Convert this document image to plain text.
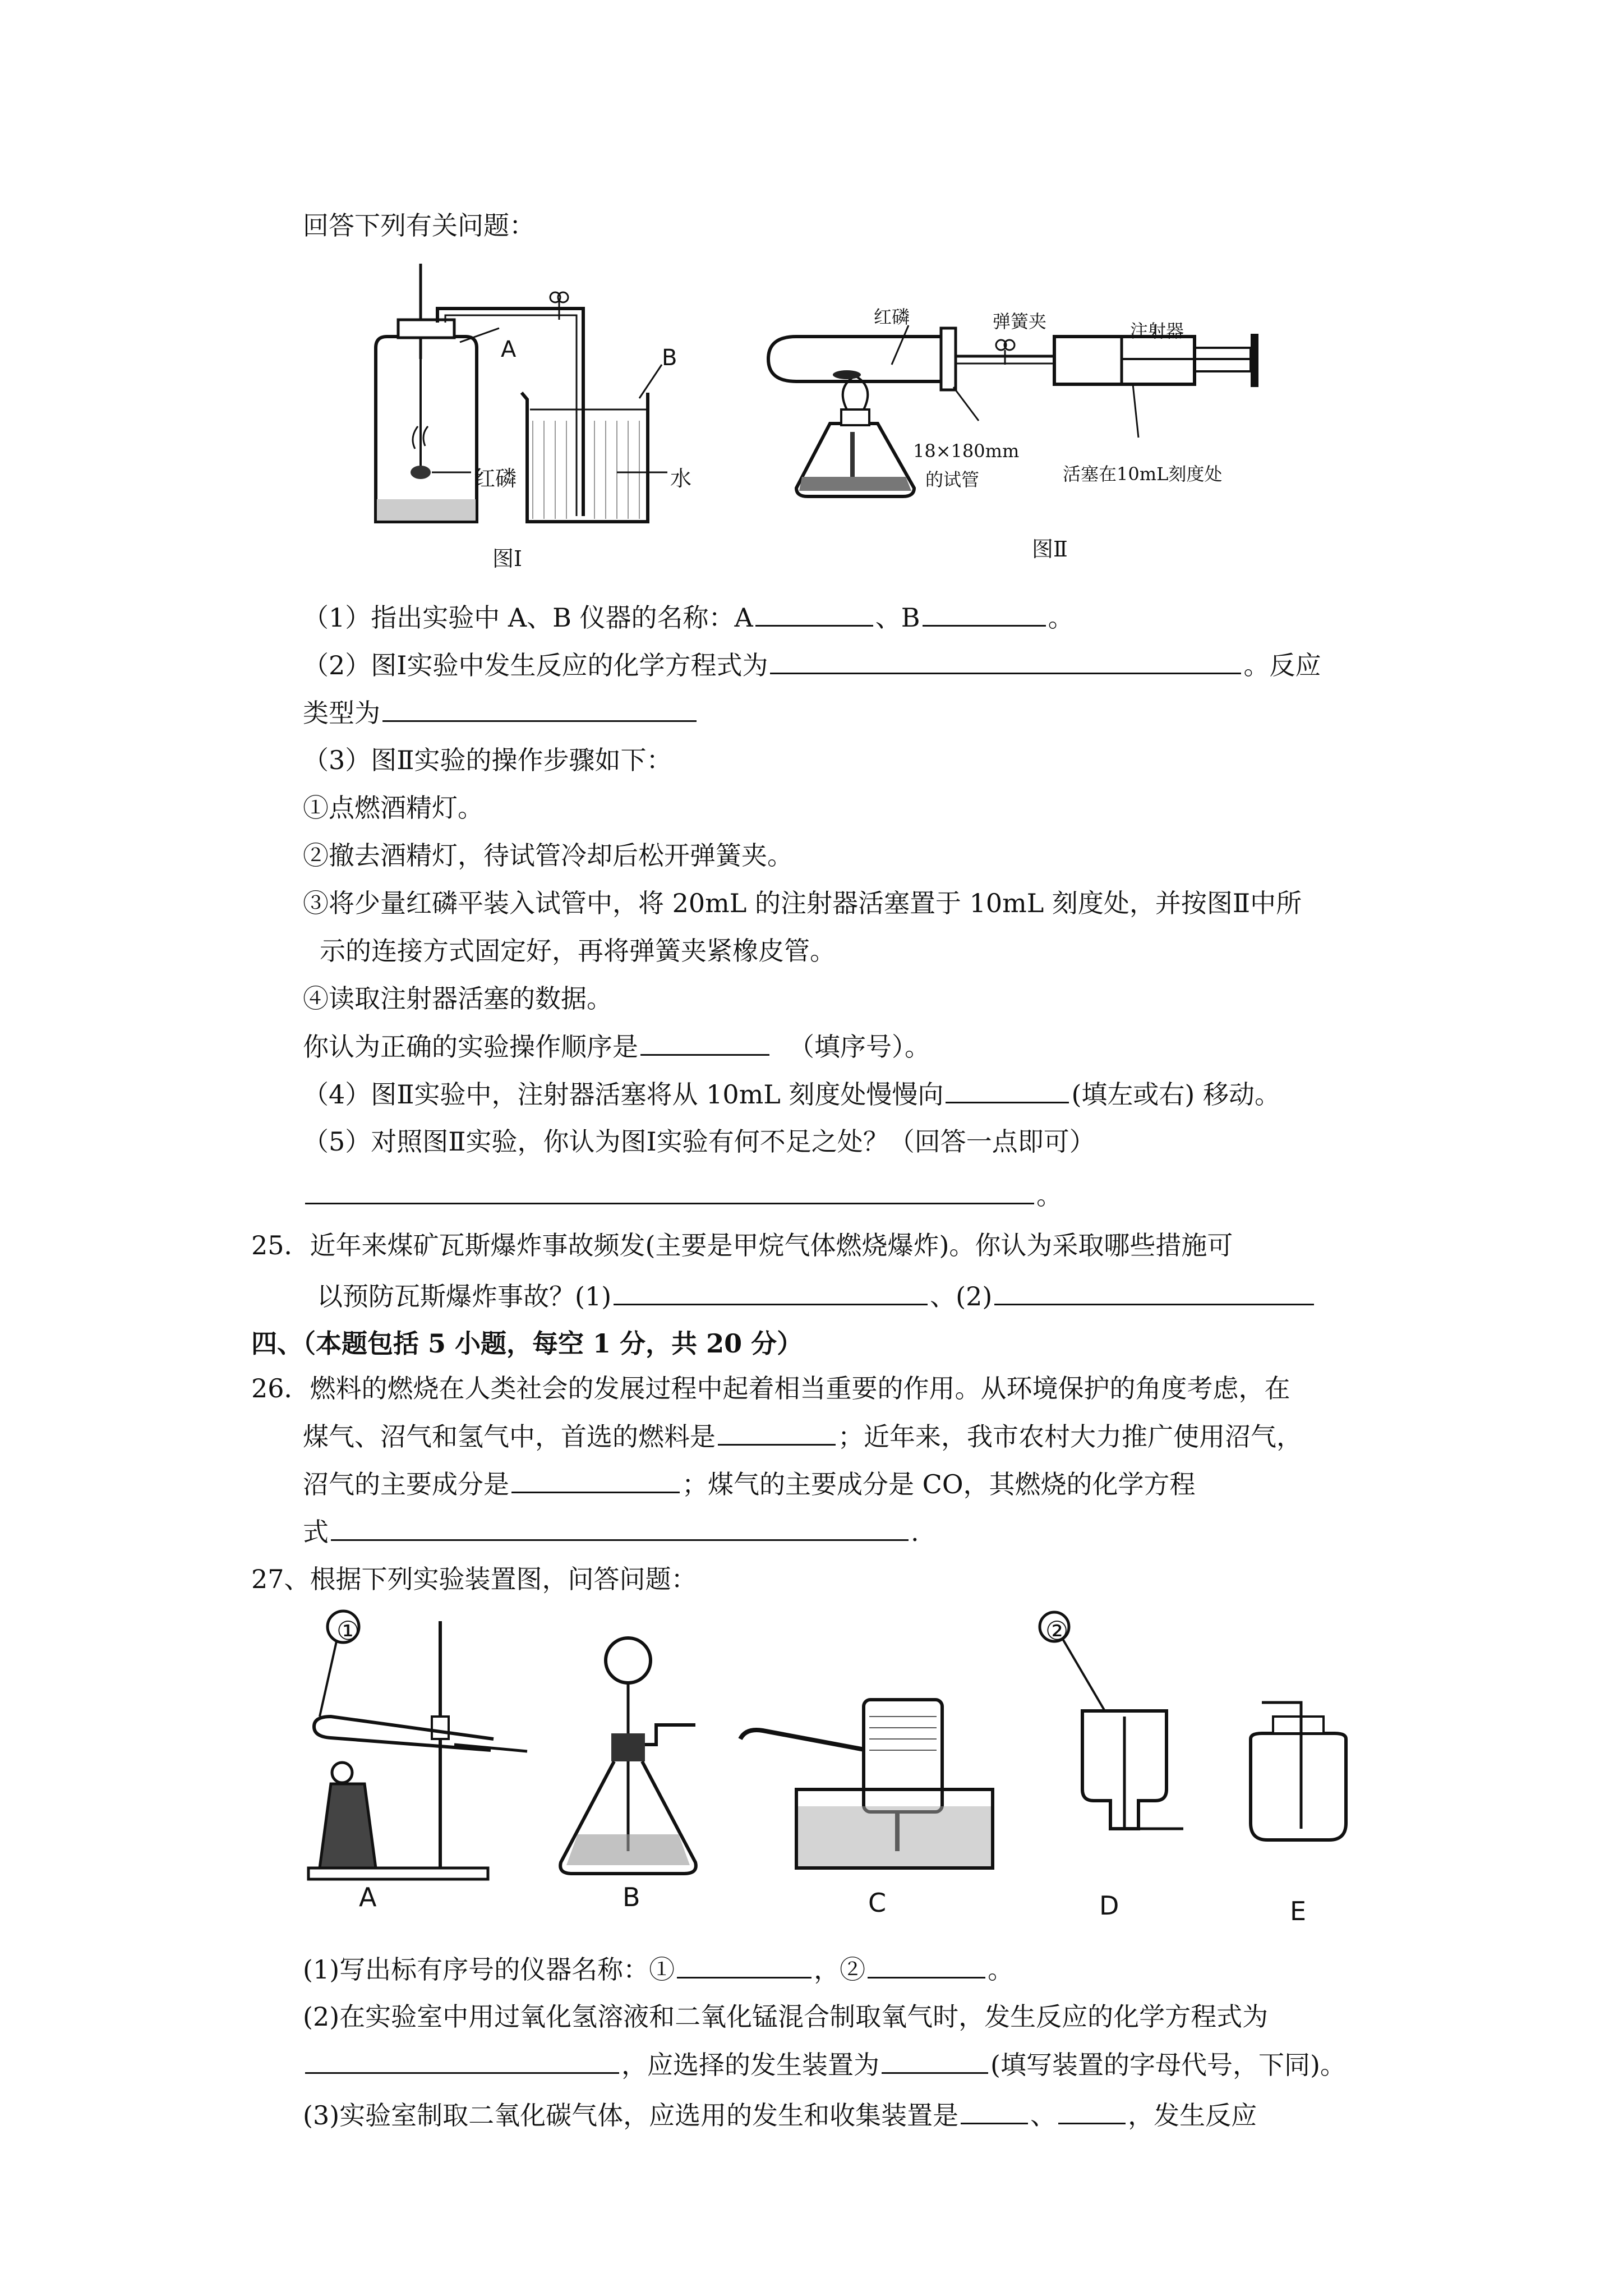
回答下列有关问题：
A	B
红磷	水
图Ⅰ
红磷	弹簧夹	注射器
18×180mm
的试管	活塞在10mL刻度处
图Ⅱ
（1）指出实验中 A、B 仪器的名称：A	、B	。
（2）图Ⅰ实验中发生反应的化学方程式为	。反应
类型为
（3）图Ⅱ实验的操作步骤如下：
①点燃酒精灯。
②撤去酒精灯，待试管冷却后松开弹簧夹。
③将少量红磷平装入试管中，将 20mL 的注射器活塞置于 10mL 刻度处，并按图Ⅱ中所
示的连接方式固定好，再将弹簧夹紧橡皮管。
④读取注射器活塞的数据。
你认为正确的实验操作顺序是	（填序号）。
（4）图Ⅱ实验中，注射器活塞将从 10mL 刻度处慢慢向	(填左或右) 移动。
（5）对照图Ⅱ实验，你认为图Ⅰ实验有何不足之处？（回答一点即可）
。
25．近年来煤矿瓦斯爆炸事故频发(主要是甲烷气体燃烧爆炸)。你认为采取哪些措施可
以预防瓦斯爆炸事故？(1)	、(2)
四、（本题包括 5 小题，每空 1 分，共 20 分）
26．燃料的燃烧在人类社会的发展过程中起着相当重要的作用。从环境保护的角度考虑，在
煤气、沼气和氢气中，首选的燃料是	；近年来，我市农村大力推广使用沼气，
沼气的主要成分是	；煤气的主要成分是 CO，其燃烧的化学方程
式	.
27、根据下列实验装置图，问答问题：
①	②
A	B	C	D	E
(1)写出标有序号的仪器名称：①	，②	。
(2)在实验室中用过氧化氢溶液和二氧化锰混合制取氧气时，发生反应的化学方程式为
，应选择的发生装置为	(填写装置的字母代号，下同)。
(3)实验室制取二氧化碳气体，应选用的发生和收集装置是	、	，发生反应
